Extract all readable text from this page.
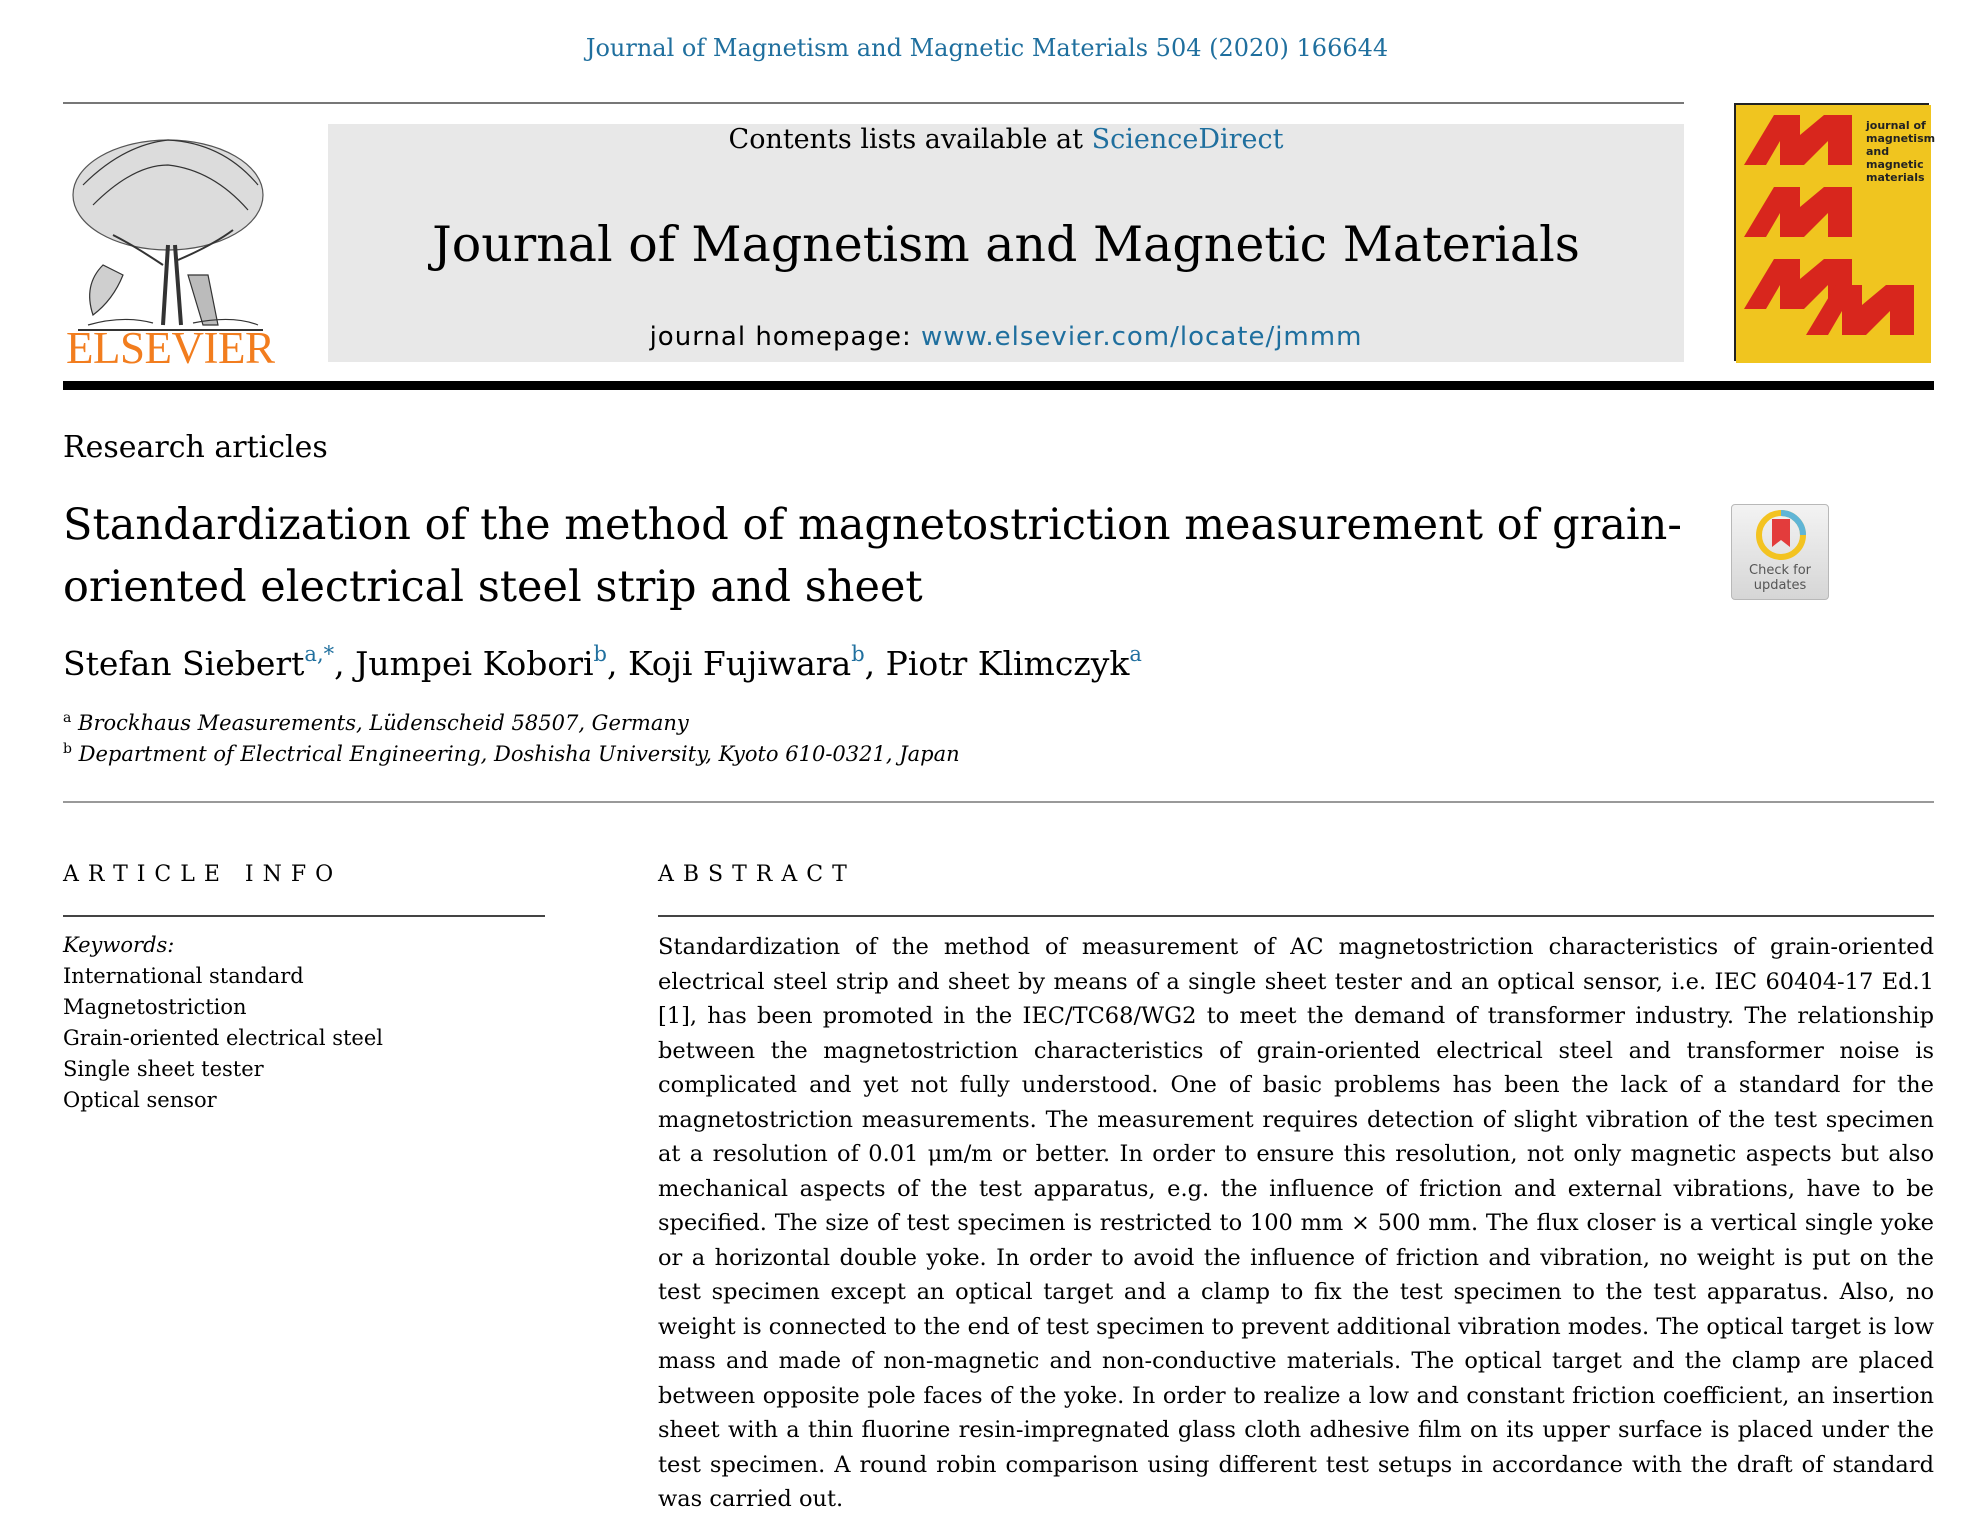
Journal of Magnetism and Magnetic Materials 504 (2020) 166644
ELSEVIER
Contents lists available at ScienceDirect
Journal of Magnetism and Magnetic Materials
journal homepage: www.elsevier.com/locate/jmmm
journal of
magnetism
and
magnetic
materials
Research articles
Standardization of the method of magnetostriction measurement of grain-oriented electrical steel strip and sheet	Check for
updates
Stefan Siebert$^{a,*}$, Jumpei Kobori$^b$, Koji Fujiwara$^b$, Piotr Klimczyk$^a$
$^a$ Brockhaus Measurements, Lüdenscheid 58507, Germany
$^b$ Department of Electrical Engineering, Doshisha University, Kyoto 610-0321, Japan
ARTICLE INFO	ABSTRACT
Keywords:
International standard
Magnetostriction
Grain-oriented electrical steel
Single sheet tester
Optical sensor
Standardization of the method of measurement of AC magnetostriction characteristics of grain-oriented electrical steel strip and sheet by means of a single sheet tester and an optical sensor, i.e. IEC 60404-17 Ed.1 [1], has been promoted in the IEC/TC68/WG2 to meet the demand of transformer industry. The relationship between the magnetostriction characteristics of grain-oriented electrical steel and transformer noise is complicated and yet not fully understood. One of basic problems has been the lack of a standard for the magnetostriction measurements. The measurement requires detection of slight vibration of the test specimen at a resolution of 0.01 μm/m or better. In order to ensure this resolution, not only magnetic aspects but also mechanical aspects of the test apparatus, e.g. the influence of friction and external vibrations, have to be specified. The size of test specimen is restricted to 100 mm × 500 mm. The flux closer is a vertical single yoke or a horizontal double yoke. In order to avoid the influence of friction and vibration, no weight is put on the test specimen except an optical target and a clamp to fix the test specimen to the test apparatus. Also, no weight is connected to the end of test specimen to prevent additional vibration modes. The optical target is low mass and made of non-magnetic and non-conductive materials. The optical target and the clamp are placed between opposite pole faces of the yoke. In order to realize a low and constant friction coefficient, an insertion sheet with a thin fluorine resin-impregnated glass cloth adhesive film on its upper surface is placed under the test specimen. A round robin comparison using different test setups in accordance with the draft of standard was carried out.
